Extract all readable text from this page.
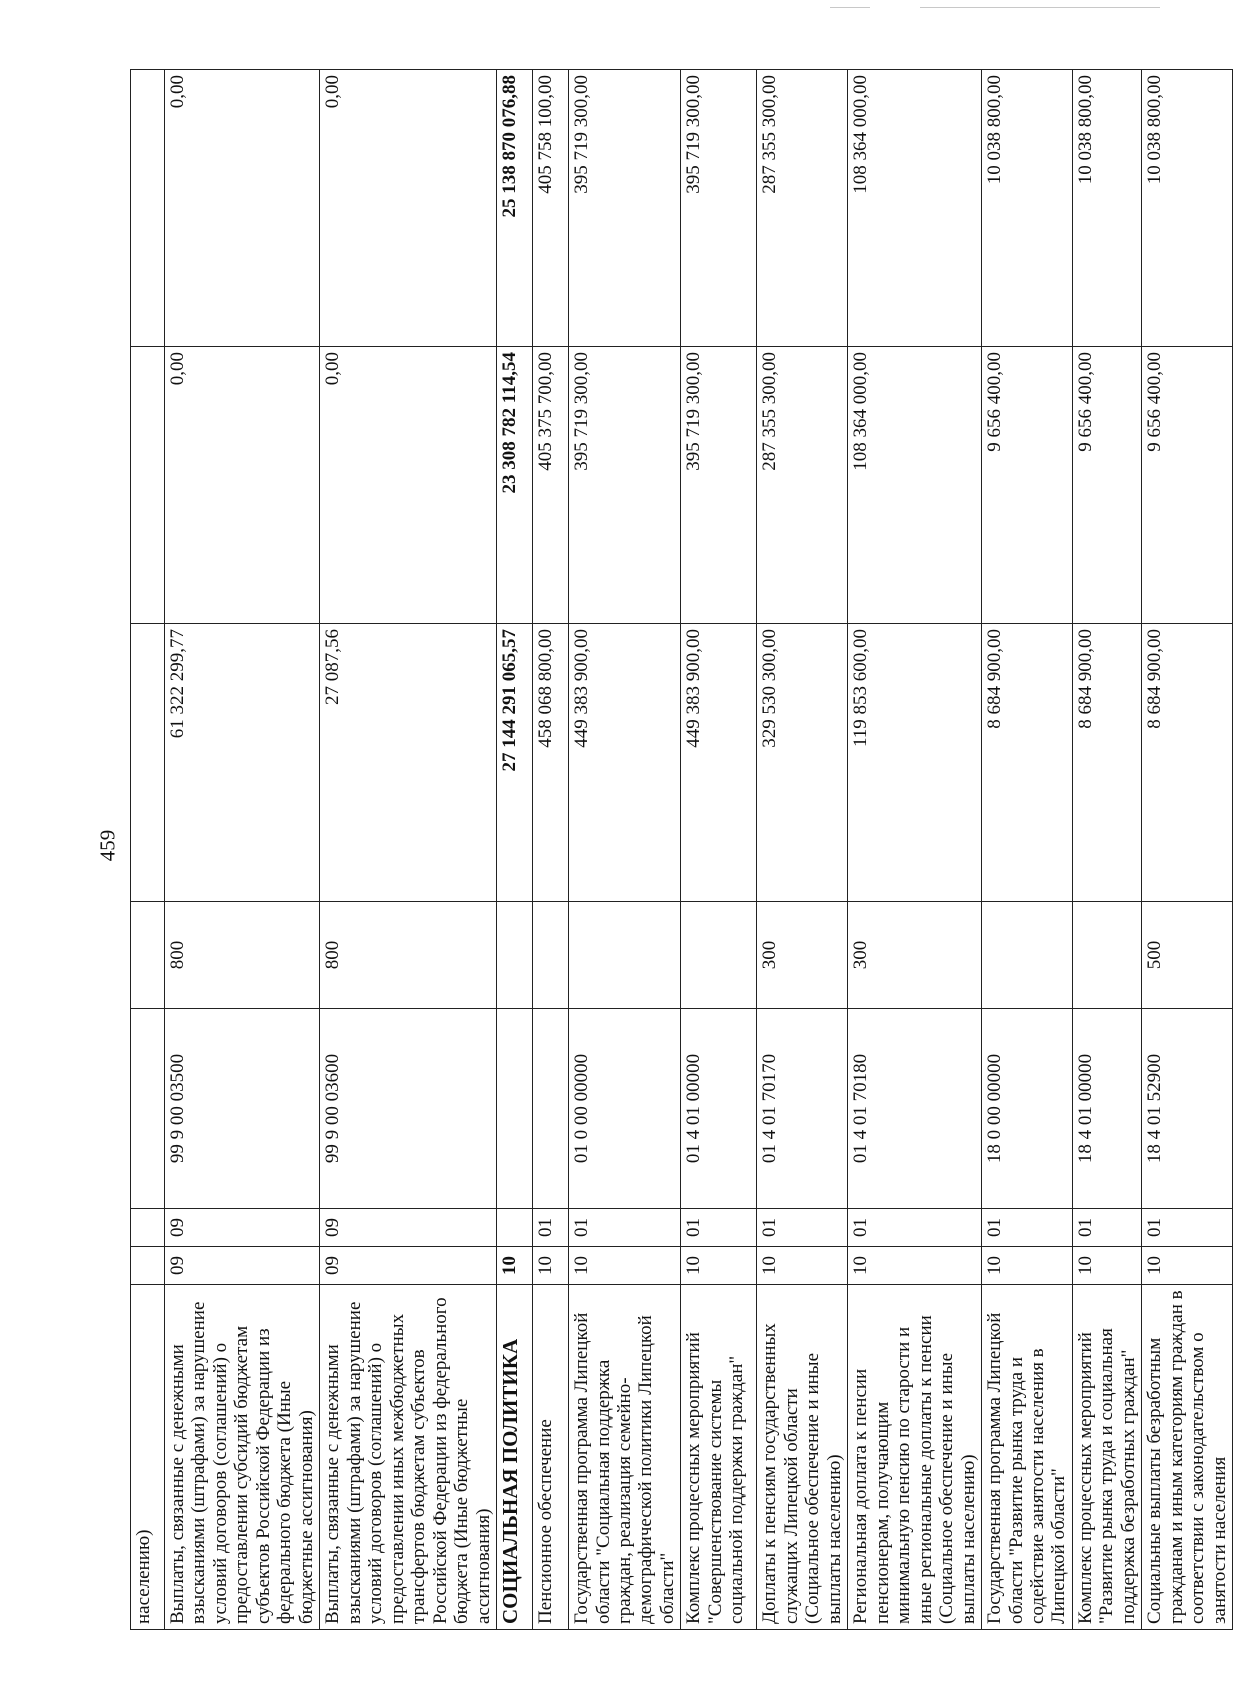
459
населению)							
Выплаты, связанные с денежными взысканиями (штрафами) за нарушение условий договоров (соглашений) о предоставлении субсидий бюджетам субъектов Российской Федерации из федерального бюджета (Иные бюджетные ассигнования)	09	09	99 9 00 03500	800	61 322 299,77	0,00	0,00
Выплаты, связанные с денежными взысканиями (штрафами) за нарушение условий договоров (соглашений) о предоставлении иных межбюджетных трансфертов бюджетам субъектов Российской Федерации из федерального бюджета (Иные бюджетные ассигнования)	09	09	99 9 00 03600	800	27 087,56	0,00	0,00
СОЦИАЛЬНАЯ ПОЛИТИКА	10				27 144 291 065,57	23 308 782 114,54	25 138 870 076,88
Пенсионное обеспечение	10	01			458 068 800,00	405 375 700,00	405 758 100,00
Государственная программа Липецкой области "Социальная поддержка граждан, реализация семейно-демографической политики Липецкой области"	10	01	01 0 00 00000		449 383 900,00	395 719 300,00	395 719 300,00
Комплекс процессных мероприятий "Совершенствование системы социальной поддержки граждан"	10	01	01 4 01 00000		449 383 900,00	395 719 300,00	395 719 300,00
Доплаты к пенсиям государственных служащих Липецкой области (Социальное обеспечение и иные выплаты населению)	10	01	01 4 01 70170	300	329 530 300,00	287 355 300,00	287 355 300,00
Региональная доплата к пенсии пенсионерам, получающим минимальную пенсию по старости и иные региональные доплаты к пенсии (Социальное обеспечение и иные выплаты населению)	10	01	01 4 01 70180	300	119 853 600,00	108 364 000,00	108 364 000,00
Государственная программа Липецкой области "Развитие рынка труда и содействие занятости населения в Липецкой области"	10	01	18 0 00 00000		8 684 900,00	9 656 400,00	10 038 800,00
Комплекс процессных мероприятий "Развитие рынка труда и социальная поддержка безработных граждан"	10	01	18 4 01 00000		8 684 900,00	9 656 400,00	10 038 800,00
Социальные выплаты безработным гражданам и иным категориям граждан в соответствии с законодательством о занятости населения	10	01	18 4 01 52900	500	8 684 900,00	9 656 400,00	10 038 800,00
